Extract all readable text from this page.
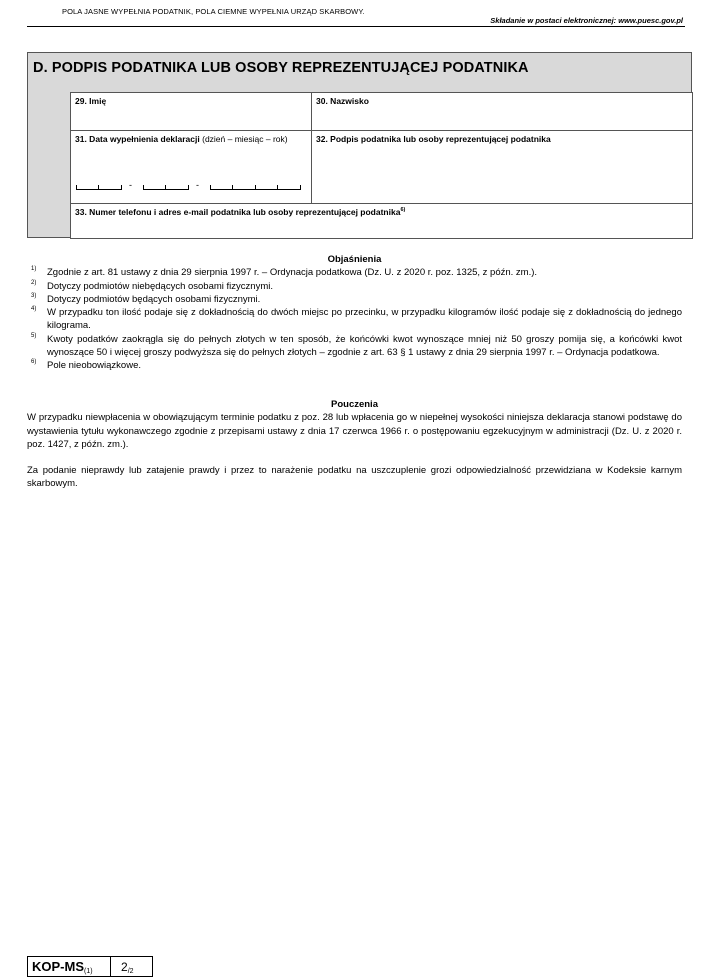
POLA JASNE WYPEŁNIA PODATNIK, POLA CIEMNE WYPEŁNIA URZĄD SKARBOWY.
Składanie w postaci elektronicznej: www.puesc.gov.pl
D. PODPIS PODATNIKA LUB OSOBY REPREZENTUJĄCEJ PODATNIKA
29. Imię	30. Nazwisko
31. Data wypełnienia deklaracji (dzień – miesiąc – rok)
-	-
32. Podpis podatnika lub osoby reprezentującej podatnika
33. Numer telefonu i adres e-mail podatnika lub osoby reprezentującej podatnika$^{6)}$
Objaśnienia
1) Zgodnie z art. 81 ustawy z dnia 29 sierpnia 1997 r. – Ordynacja podatkowa (Dz. U. z 2020 r. poz. 1325, z późn. zm.).
2) Dotyczy podmiotów niebędących osobami fizycznymi.
3) Dotyczy podmiotów będących osobami fizycznymi.
4) W przypadku ton ilość podaje się z dokładnością do dwóch miejsc po przecinku, w przypadku kilogramów ilość podaje się z dokładnością do jednego kilograma.
5) Kwoty podatków zaokrągla się do pełnych złotych w ten sposób, że końcówki kwot wynoszące mniej niż 50 groszy pomija się, a końcówki kwot wynoszące 50 i więcej groszy podwyższa się do pełnych złotych – zgodnie z art. 63 § 1 ustawy z dnia 29 sierpnia 1997 r. – Ordynacja podatkowa.
6) Pole nieobowiązkowe.
Pouczenia
W przypadku niewpłacenia w obowiązującym terminie podatku z poz. 28 lub wpłacenia go w niepełnej wysokości niniejsza deklaracja stanowi podstawę do wystawienia tytułu wykonawczego zgodnie z przepisami ustawy z dnia 17 czerwca 1966 r. o postępowaniu egzekucyjnym w administracji (Dz. U. z 2020 r. poz. 1427, z późn. zm.).
Za podanie nieprawdy lub zatajenie prawdy i przez to narażenie podatku na uszczuplenie grozi odpowiedzialność przewidziana w Kodeksie karnym skarbowym.
KOP-$MS_{(1)}$	$2_{/2}$
